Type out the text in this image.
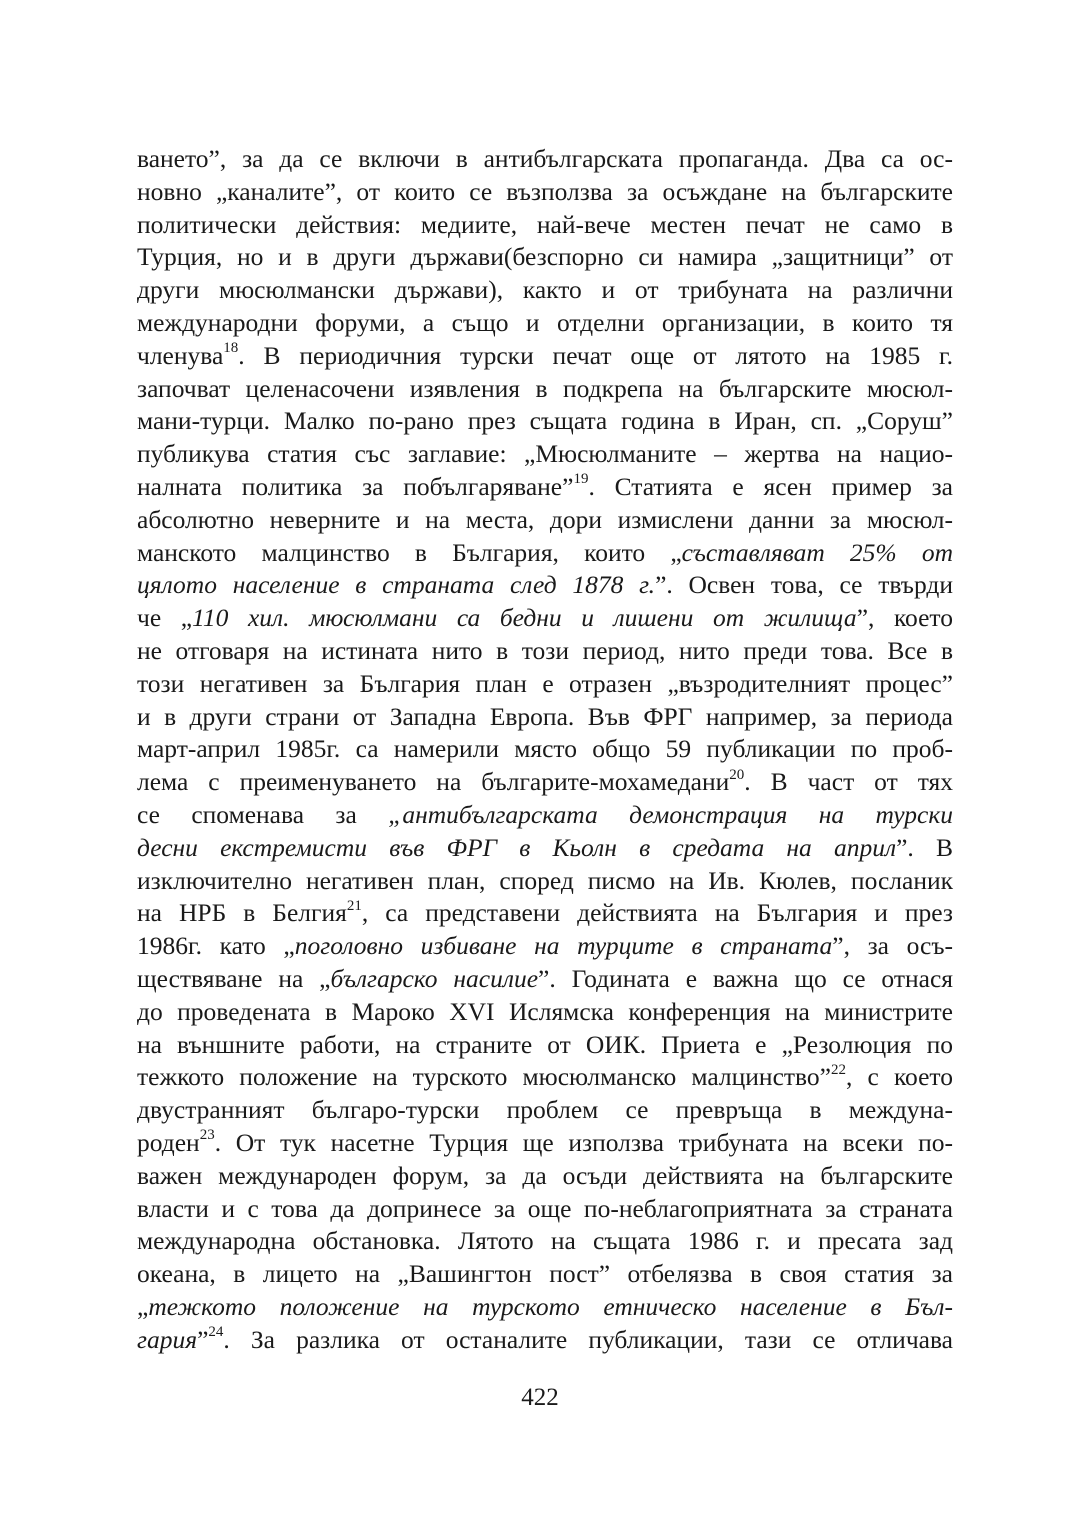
ването”, за да се включи в антибългарската пропаганда. Два са ос-
новно „каналите”, от които се възползва за осъждане на българските
политически действия: медиите, най-вече местен печат не само в
Турция, но и в други държави(безспорно си намира „защитници” от
други мюсюлмански държави), както и от трибуната на различни
международни форуми, а също и отделни организации, в които тя
членува$^{18}$. В периодичния турски печат още от лятото на 1985 г.
започват целенасочени изявления в подкрепа на българските мюсюл-
мани-турци. Малко по-рано през същата година в Иран, сп. „Соруш”
публикува статия със заглавие: „Мюсюлманите – жертва на нацио-
налната политика за побългаряване”$^{19}$. Статията е ясен пример за
абсолютно неверните и на места, дори измислени данни за мюсюл-
манското малцинство в България, които „съставляват 25% от
цялото население в страната след 1878 г.”. Освен това, се твърди
че „110 хил. мюсюлмани са бедни и лишени от жилища”, което
не отговаря на истината нито в този период, нито преди това. Все в
този негативен за България план е отразен „възродителният процес”
и в други страни от Западна Европа. Във ФРГ например, за периода
март-април 1985г. са намерили място общо 59 публикации по проб-
лема с преименуването на българите-мохамедани$^{20}$. В част от тях
се споменава за „антибългарската демонстрация на турски
десни екстремисти във ФРГ в Кьолн в средата на април”. В
изключително негативен план, според писмо на Ив. Кюлев, посланик
на НРБ в Белгия$^{21}$, са представени действията на България и през
1986г. като „поголовно избиване на турците в страната”, за осъ-
ществяване на „българско насилие”. Годината е важна що се отнася
до проведената в Мароко XVI Ислямска конференция на министрите
на външните работи, на страните от ОИК. Приета е „Резолюция по
тежкото положение на турското мюсюлманско малцинство”$^{22}$, с което
двустранният българо-турски проблем се превръща в междуна-
роден$^{23}$. От тук насетне Турция ще използва трибуната на всеки по-
важен международен форум, за да осъди действията на българските
власти и с това да допринесе за още по-неблагоприятната за страната
международна обстановка. Лятото на същата 1986 г. и пресата зад
океана, в лицето на „Вашингтон пост” отбелязва в своя статия за
„тежкото положение на турското етническо население в Бъл-
гария”$^{24}$. За разлика от останалите публикации, тази се отличава
422
